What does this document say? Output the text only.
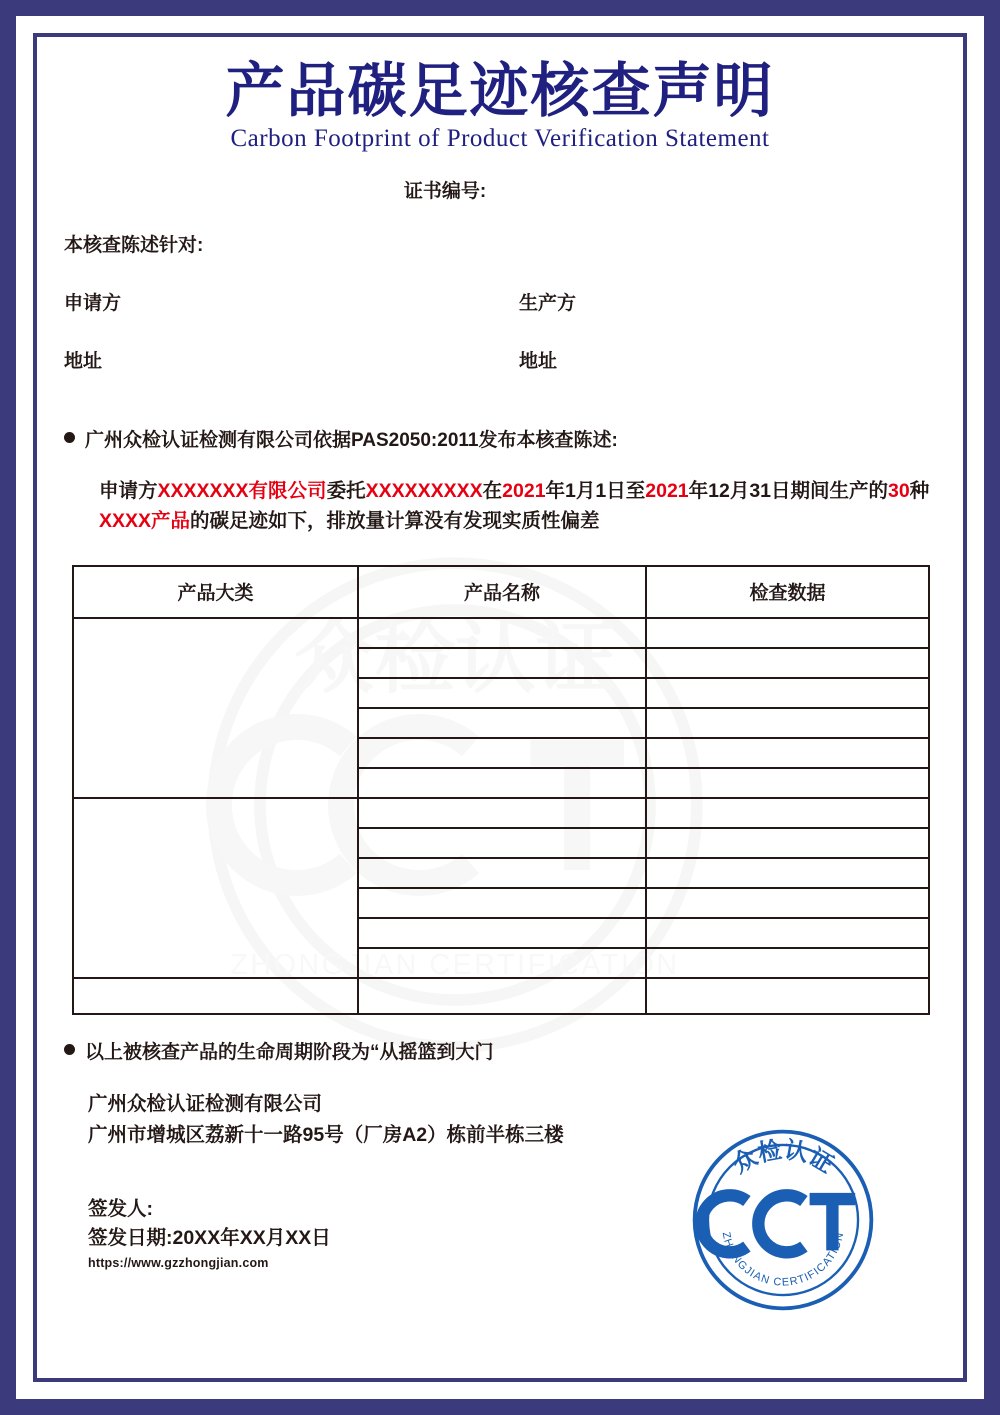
众检认证
ZHONGJIAN CERTIFICATION
产品碳足迹核查声明
Carbon Footprint of Product Verification Statement
证书编号:
本核查陈述针对:
申请方	生产方
地址	地址
广州众检认证检测有限公司依据PAS2050:2011发布本核查陈述:
申请方XXXXXXX有限公司委托XXXXXXXXX在2021年1月1日至2021年12月31日期间生产的30种XXXX产品的碳足迹如下，排放量计算没有发现实质性偏差
产品大类	产品名称	检查数据

以上被核查产品的生命周期阶段为“从摇篮到大门
广州众检认证检测有限公司
广州市增城区荔新十一路95号（厂房A2）栋前半栋三楼
签发人:
签发日期:20XX年XX月XX日
https://www.gzzhongjian.com
众检认证
ZHONGJIAN CERTIFICATION
